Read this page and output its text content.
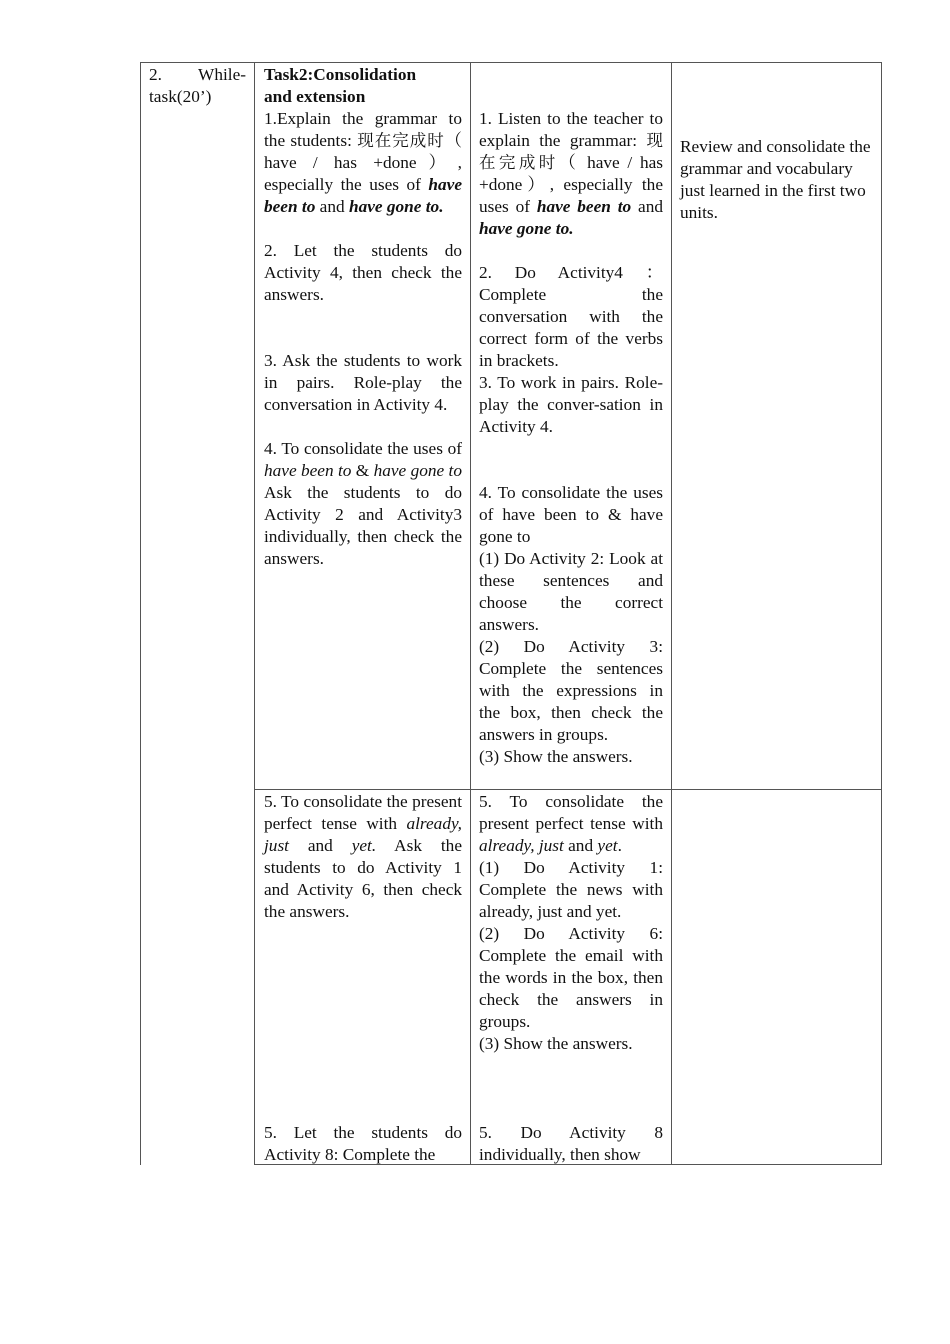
2. While-task(20’)

Task2:Consolidation

and extension

1.Explain the grammar to the students: 现在完成时（ have / has +done）, especially the uses of have been to and have gone to.

2. Let the students do Activity 4, then check the answers.

3. Ask the students to work in pairs. Role-play the conversation in Activity 4.

4. To consolidate the uses of have been to & have gone to Ask the students to do Activity 2 and Activity3 individually, then check the answers.

1. Listen to the teacher to explain the grammar: 现在完成时（ have / has +done）, especially the uses of have been to and have gone to.

2. Do Activity4 ：Complete the conversation with the correct form of the verbs in brackets.

3. To work in pairs. Role-play the conver-sation in Activity 4.

4. To consolidate the uses of have been to & have gone to

(1) Do Activity 2: Look at these sentences and choose the correct answers.

(2) Do Activity 3: Complete the sentences with the expressions in the box, then check the answers in groups.

(3) Show the answers.

Review and consolidate the grammar and vocabulary just learned in the first two units.

5. To consolidate the present perfect tense with already, just and yet. Ask the students to do Activity 1 and Activity 6, then check the answers.

5. Let the students do Activity 8: Complete the

5. To consolidate the present perfect tense with already, just and yet.

(1) Do Activity 1: Complete the news with already, just and yet.

(2) Do Activity 6: Complete the email with the words in the box, then check the answers in groups.

(3) Show the answers.

5. Do Activity 8 individually, then show
